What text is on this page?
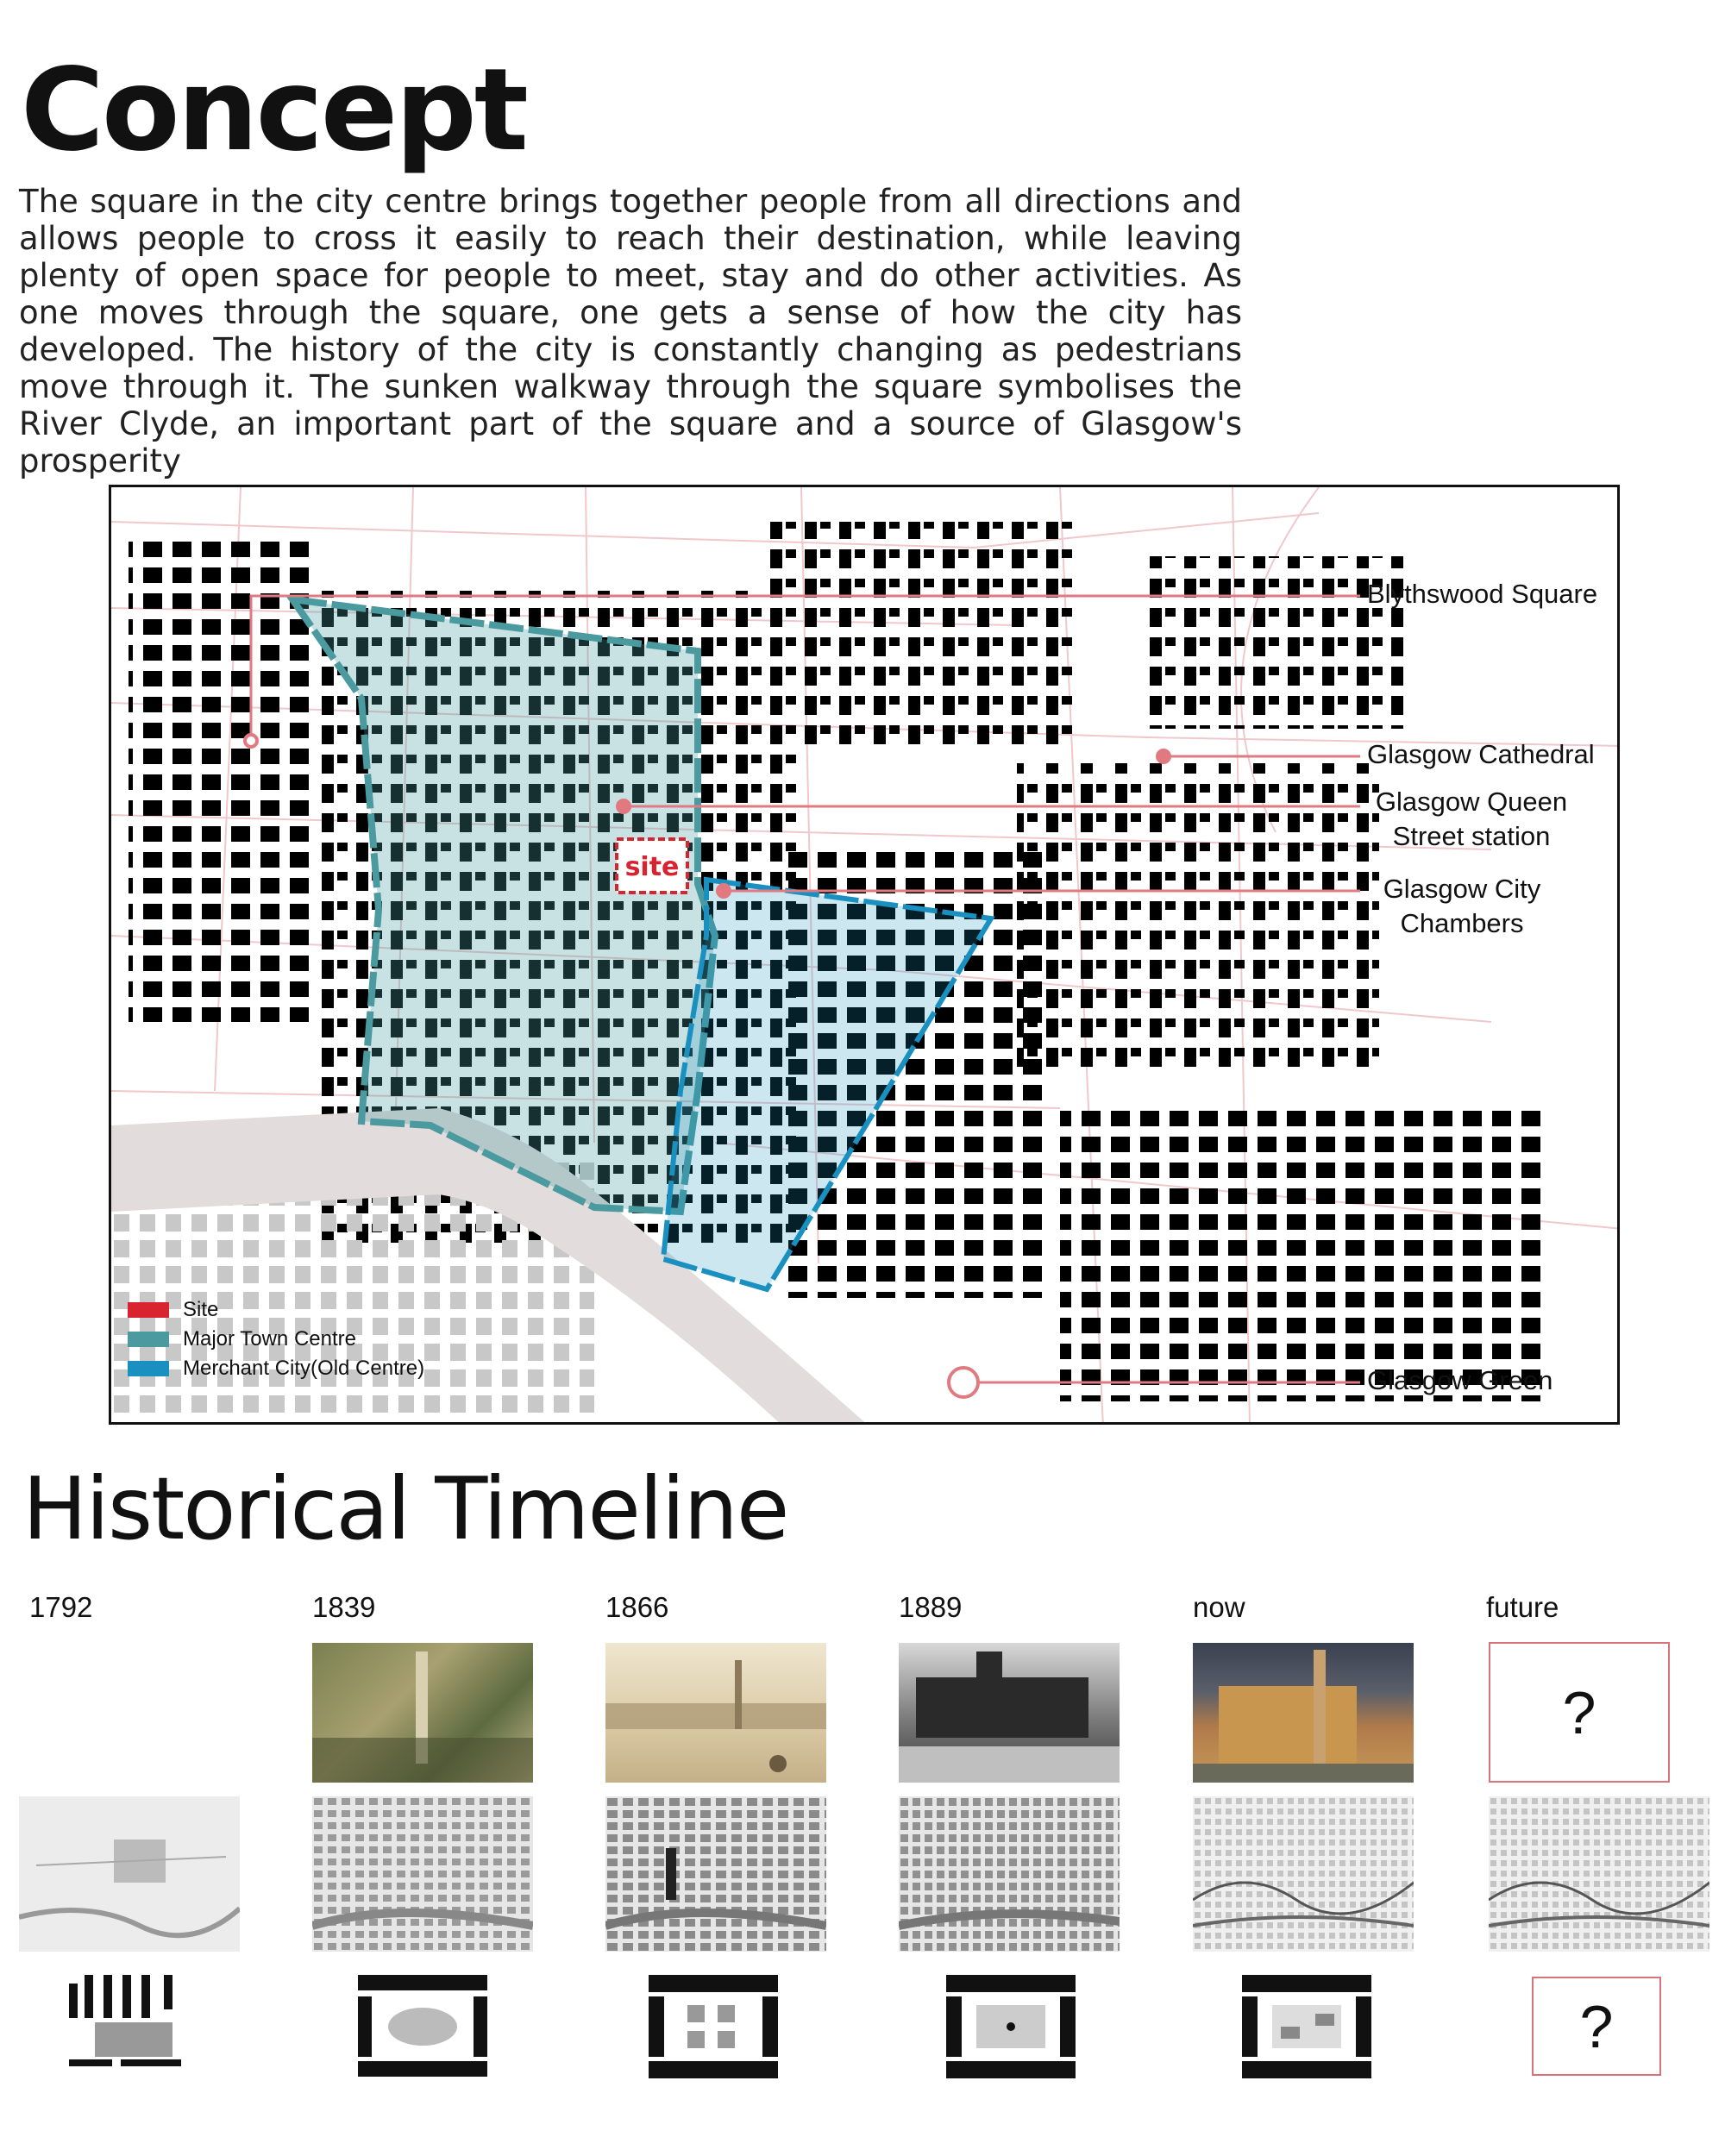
Concept

The square in the city centre brings together people from all directions and allows people to cross it easily to reach their destination, while leaving plenty of open space for people to meet, stay and do other activities. As one moves through the square, one gets a sense of how the city has developed. The history of the city is constantly changing as pedestrians move through it. The sunken walkway through the square symbolises the River Clyde, an important part of the square and a source of Glasgow's prosperity

site
Blythswood Square
Glasgow Cathedral
Glasgow Queen Street station
Glasgow City Chambers
Glasgow Green
Site
Major Town Centre
Merchant City(Old Centre)
Historical Timeline
1792	1839	1866	1889	now	future
?
?
